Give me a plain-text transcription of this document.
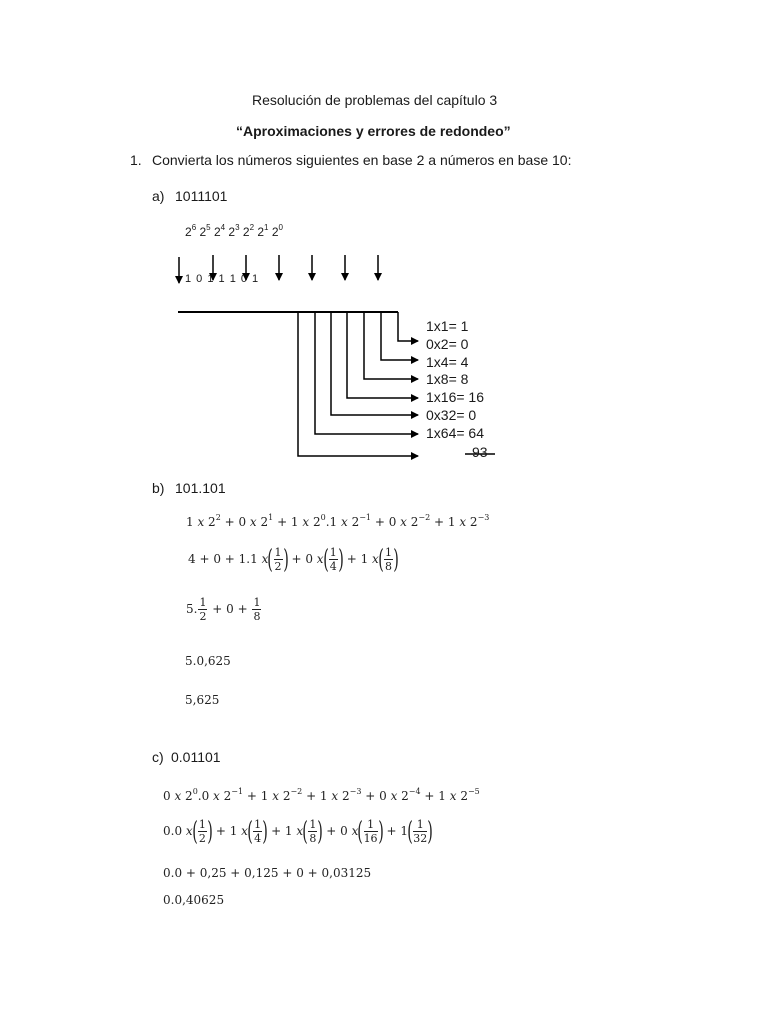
Resolución de problemas del capítulo 3
“Aproximaciones y errores de redondeo”
1. Convierta los números siguientes en base 2 a números en base 10:
a) 1011101
$2^6$ $2^5$ $2^4$ $2^3$ $2^2$ $2^1$ $2^0$
1 0 1 1 1 0 1
1x1= 1
0x2= 0
1x4= 4
1x8= 8
1x16= 16
0x32= 0
1x64= 64
93
b) 101.101
1 x $2^2 + 0$ x $2^1 + 1$ x $2^0.1$ x $2^{-1} + 0$ x $2^{-2} + 1$ x $2^{-3}$
4 + 0 + 1.1 $x( \frac{1}{2}$ ) + 0 $x( \frac{1}{4}$ ) + 1 $x( \frac{1}{8}$ )
5. $\frac{1}{2} + 0 + \frac{1}{8}$
5.0,625
5,625
c) 0.01101
0 x $2^0.0$ x $2^{-1} + 1$ x $2^{-2} + 1$ x $2^{-3} + 0$ x $2^{-4} + 1$ x $2^{-5}$
0.0 $x( \frac{1}{2}$ ) + 1 $x( \frac{1}{4}$ ) + 1 $x( \frac{1}{8}$ ) + 0 $x( \frac{1}{16}$ ) + $1( \frac{1}{32}$ )
0.0 + 0,25 + 0,125 + 0 + 0,03125
0.0,40625
